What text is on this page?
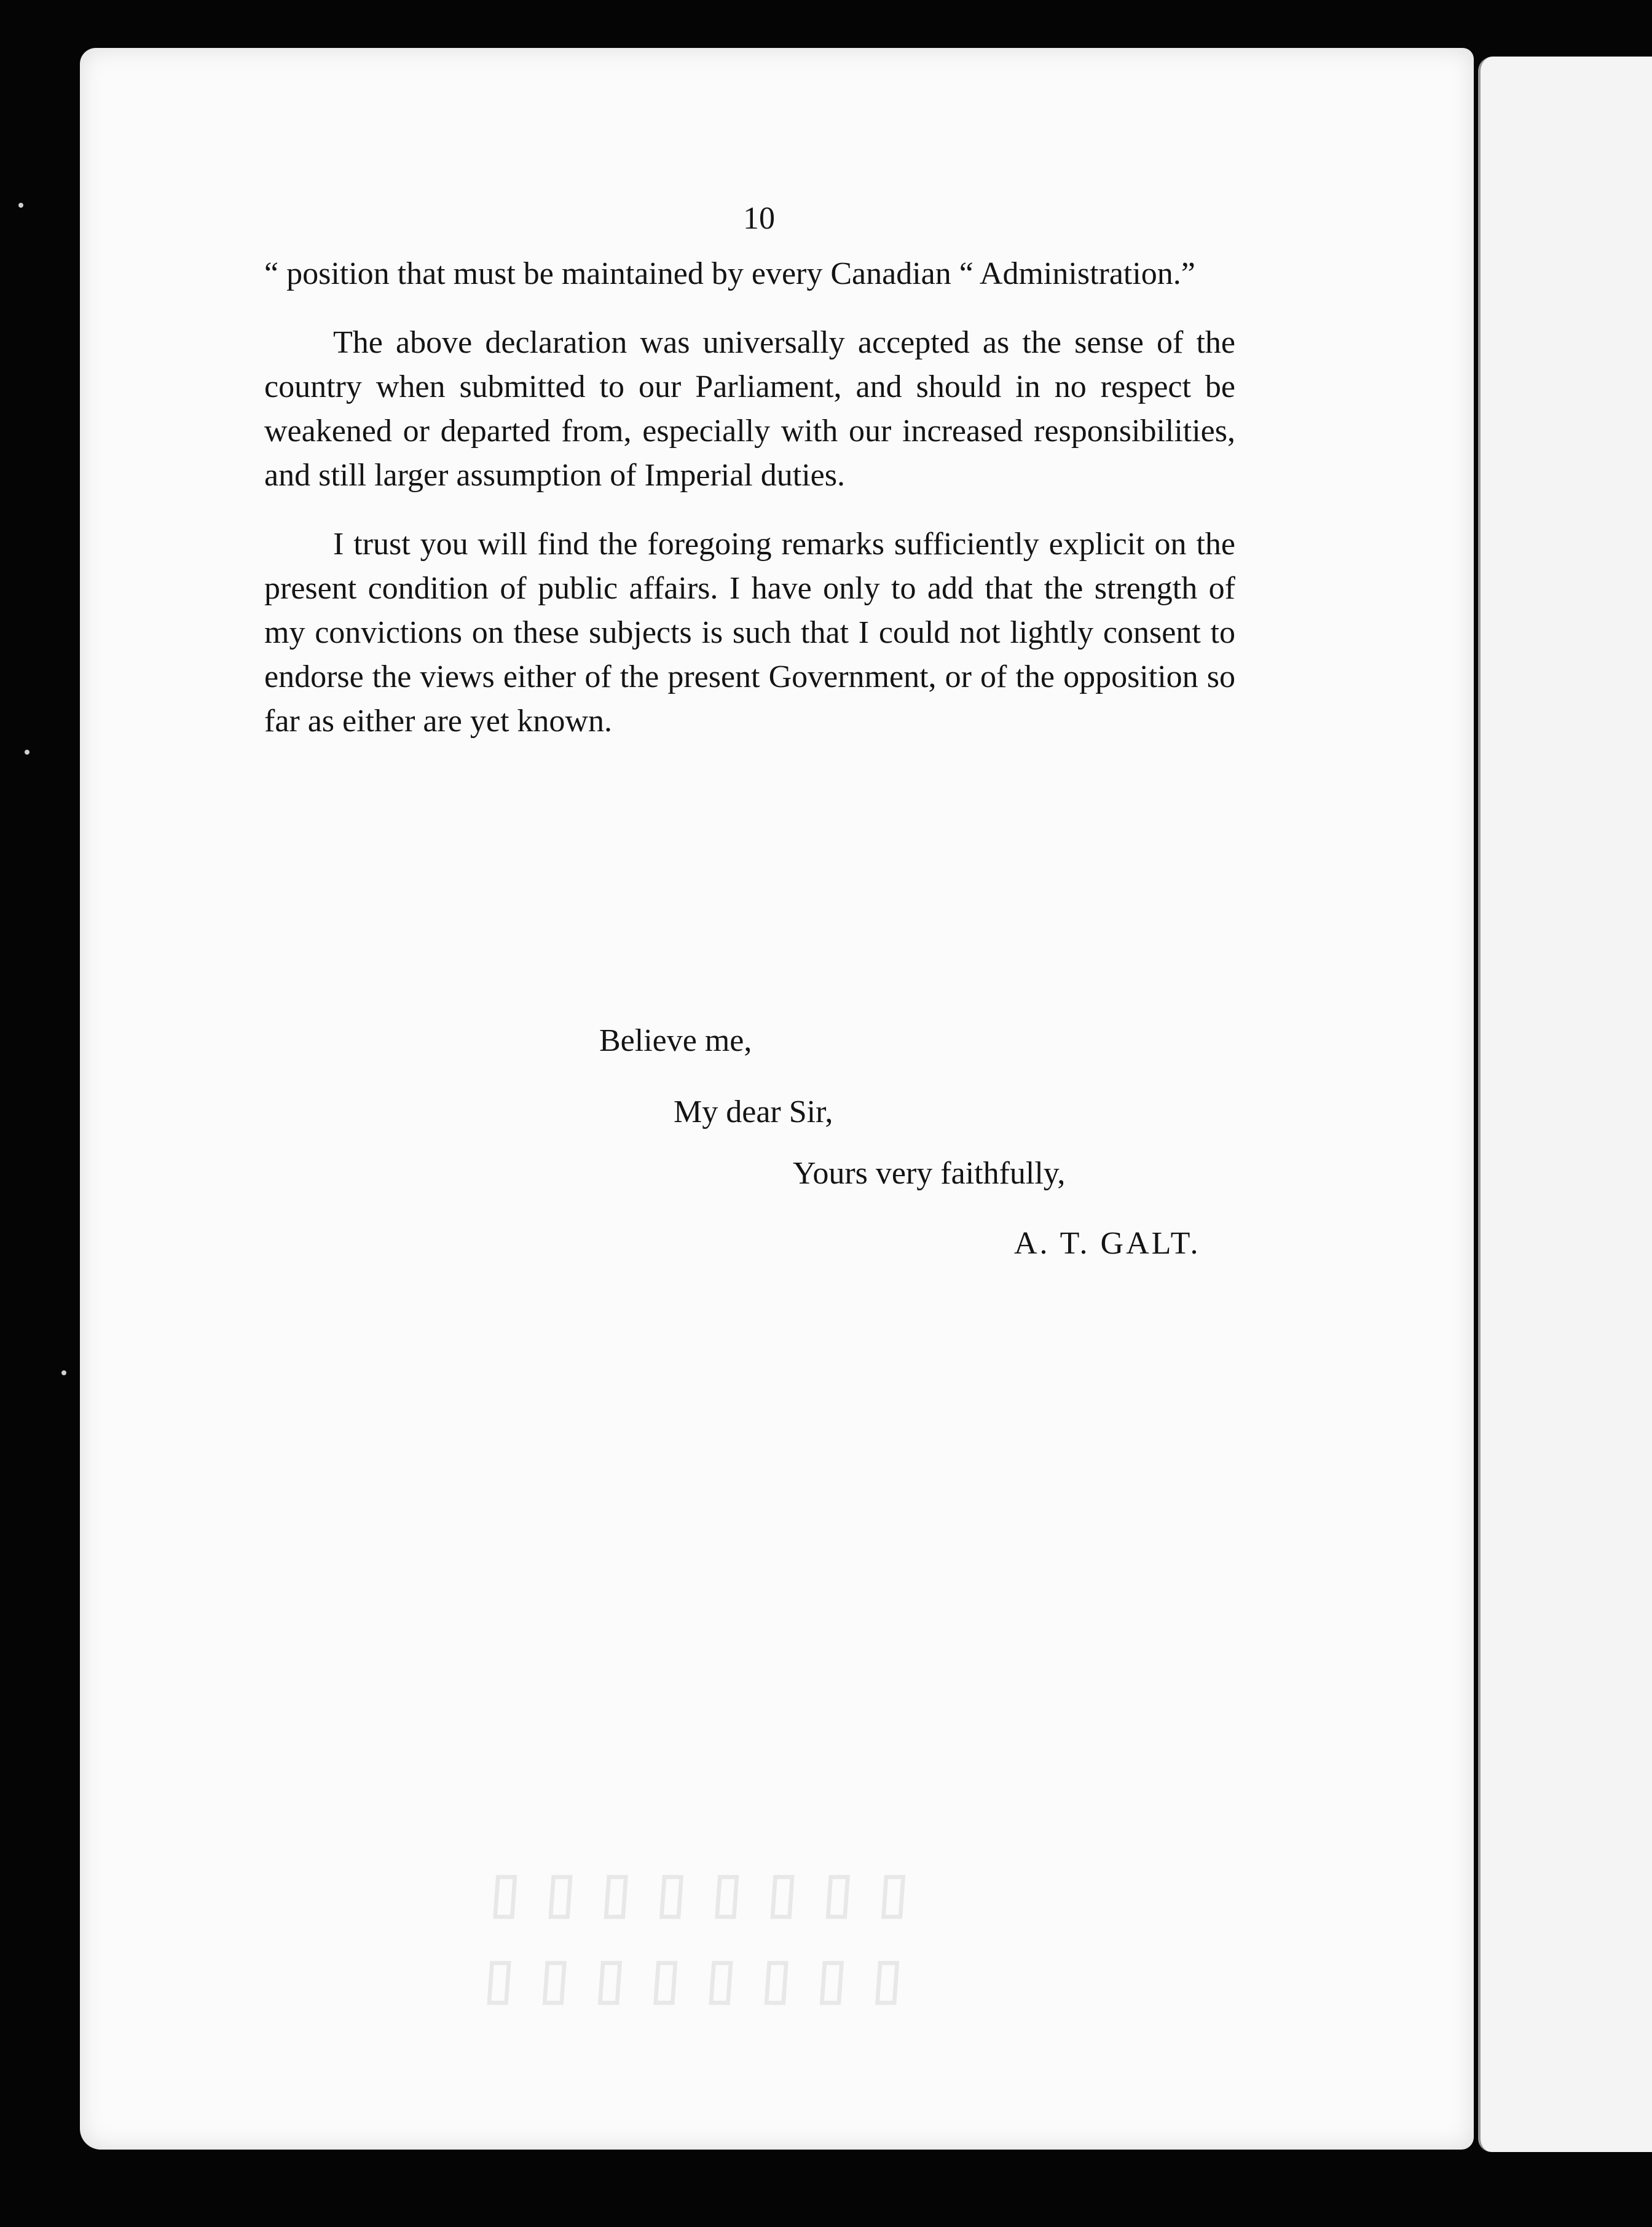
▯▯▯▯▯▯▯▯
▯▯▯▯▯▯▯▯
10

“ position that must be maintained by every Canadian “ Administration.”

The above declaration was universally accepted as the sense of the country when submitted to our Parliament, and should in no respect be weakened or departed from, especially with our increased responsibilities, and still larger assumption of Imperial duties.

I trust you will find the foregoing remarks sufficiently explicit on the present condition of public affairs. I have only to add that the strength of my convictions on these subjects is such that I could not lightly consent to endorse the views either of the present Government, or of the opposition so far as either are yet known.

Believe me,
My dear Sir,
Yours very faithfully,
A. T. GALT.
